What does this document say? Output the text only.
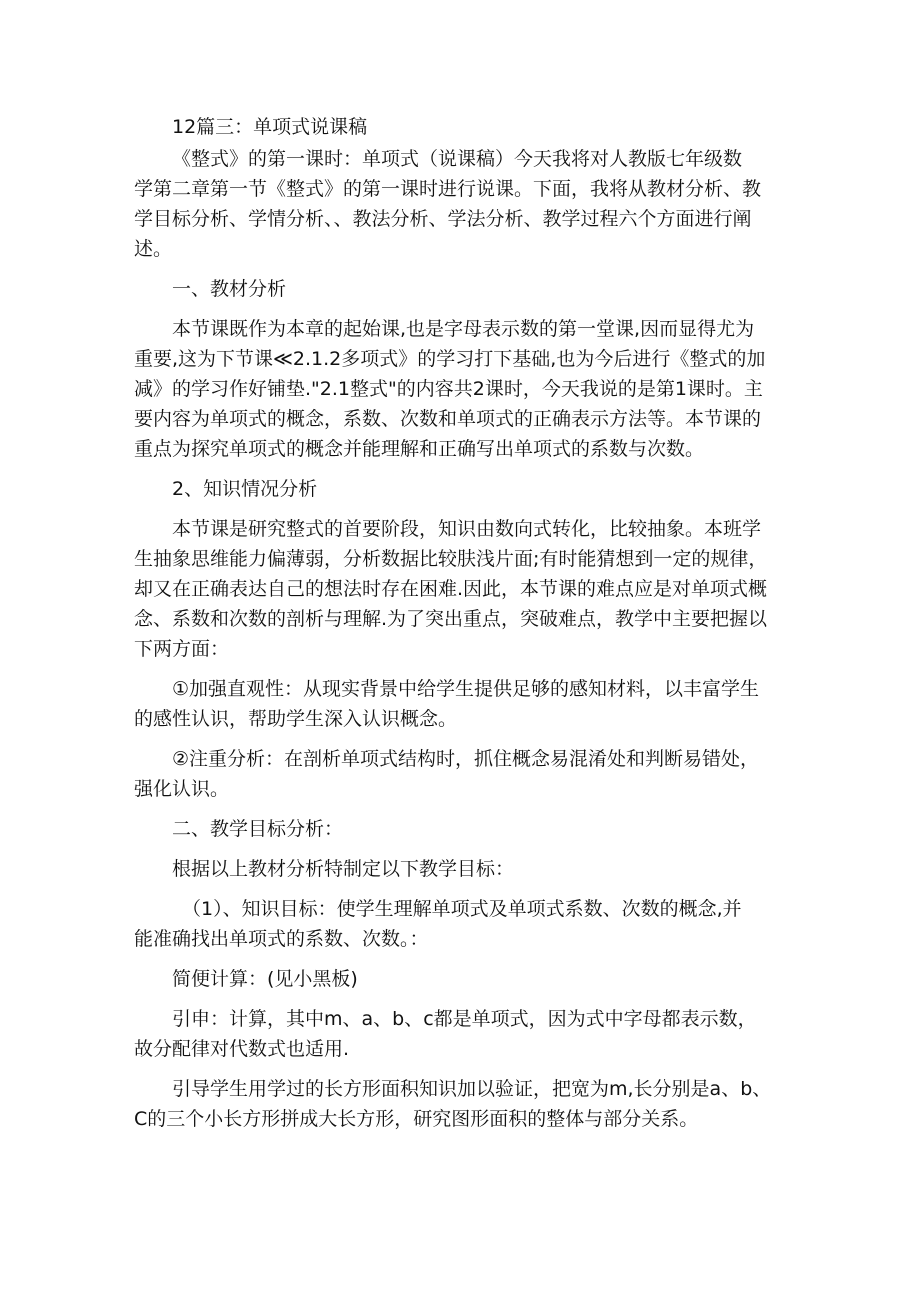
12篇三：单项式说课稿

《整式》的第一课时：单项式（说课稿）今天我将对人教版七年级数

学第二章第一节《整式》的第一课时进行说课。下面，我将从教材分析、教

学目标分析、学情分析、、教法分析、学法分析、教学过程六个方面进行阐

述。

一、教材分析

本节课既作为本章的起始课,也是字母表示数的第一堂课,因而显得尤为

重要,这为下节课≪2.1.2多项式》的学习打下基础,也为今后进行《整式的加

减》的学习作好铺垫."2.1整式"的内容共2课时，今天我说的是第1课时。主

要内容为单项式的概念，系数、次数和单项式的正确表示方法等。本节课的

重点为探究单项式的概念并能理解和正确写出单项式的系数与次数。

2、知识情况分析

本节课是研究整式的首要阶段，知识由数向式转化，比较抽象。本班学

生抽象思维能力偏薄弱，分析数据比较肤浅片面;有时能猜想到一定的规律，

却又在正确表达自己的想法时存在困难.因此，本节课的难点应是对单项式概

念、系数和次数的剖析与理解.为了突出重点，突破难点，教学中主要把握以

下两方面：

①加强直观性：从现实背景中给学生提供足够的感知材料，以丰富学生

的感性认识，帮助学生深入认识概念。

②注重分析：在剖析单项式结构时，抓住概念易混淆处和判断易错处，

强化认识。

二、教学目标分析：

根据以上教材分析特制定以下教学目标：

（1）、知识目标：使学生理解单项式及单项式系数、次数的概念,并

能准确找出单项式的系数、次数。：

简便计算：(见小黑板)

引申：计算，其中m、a、b、c都是单项式，因为式中字母都表示数，

故分配律对代数式也适用.

引导学生用学过的长方形面积知识加以验证，把宽为m,长分别是a、b、

C的三个小长方形拼成大长方形，研究图形面积的整体与部分关系。
